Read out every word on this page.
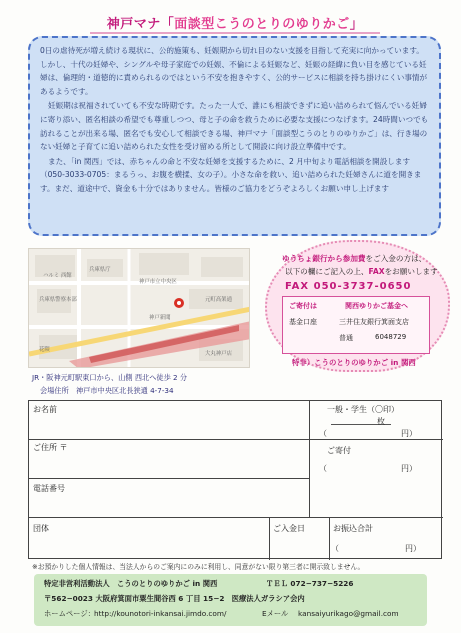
神戸マナ「面談型こうのとりのゆりかご」

0日の虐待死が増え続ける現状に、公的施策も、妊娠期から切れ目のない支援を目指して充実に向かっています。しかし、十代の妊婦や、シングルや母子家庭での妊娠、不倫による妊娠など、妊娠の経緯に負い目を感じている妊婦は、倫理的・道徳的に責められるのではという不安を抱きやすく、公的サービスに相談を持ち掛けにくい事情があるようです。

妊娠期は祝福されていても不安な時期です。たった一人で、誰にも相談できずに追い詰められて悩んでいる妊婦に寄り添い、匿名相談の希望でも尊重しつつ、母と子の命を救うために必要な支援につなげます。24時間いつでも訪れることが出来る場、匿名でも安心して相談できる場、神戸マナ「面談型こうのとりのゆりかご」は、行き場のない妊婦と子育てに追い詰められた女性を受け留める所として開設に向け設立準備中です。

また、「in 関西」では、赤ちゃんの命と不安な妊婦を支援するために、2 月中旬より電話相談を開設します（050-3033-0705：まるうっ、お腹を横揉、女の子）。小さな命を救い、追い詰められた妊婦さんに道を開きます。まだ、道途中で、資金も十分ではありません。皆様のご協力をどうぞよろしくお願い申し上げます

ハルミ 西館
神戸市立中央区
兵庫県警察本部
神戸新聞
兵庫県庁
元町高架通
大丸神戸店
花隈
JR・阪神元町駅東口から、山側 西北へ徒歩 2 分
会場住所　神戸市中央区北長狭通 4-7-34
ゆうちょ銀行から参加費をご入金の方は、
以下の欄にご記入の上、FAXをお願いします
FAX 050-3737-0650
ご寄付は	関西ゆりかご基金へ
基金口座	三井住友銀行箕面支店
普通	6048729
特非）こうのとりのゆりかご in 関西
お名前	一般・学生（〇印）
枚
（	円）
ご住所 〒	ご寄付
（	円）
電話番号
団体	ご入金日	お振込合計
（	円）
※お預かりした個人情報は、当法人からのご案内にのみに利用し、同意がない限り第三者に開示致しません。
特定非営利活動法人　こうのとりのゆりかご in 関西	ＴＥＬ 072−737−5226
〒562−0023 大阪府箕面市粟生間谷西 6 丁目 15−2　医療法人ガラシア会内
ホームページ： http://kounotori-inkansai.jimdo.com/	Eメール kansaiyurikago@gmail.com
